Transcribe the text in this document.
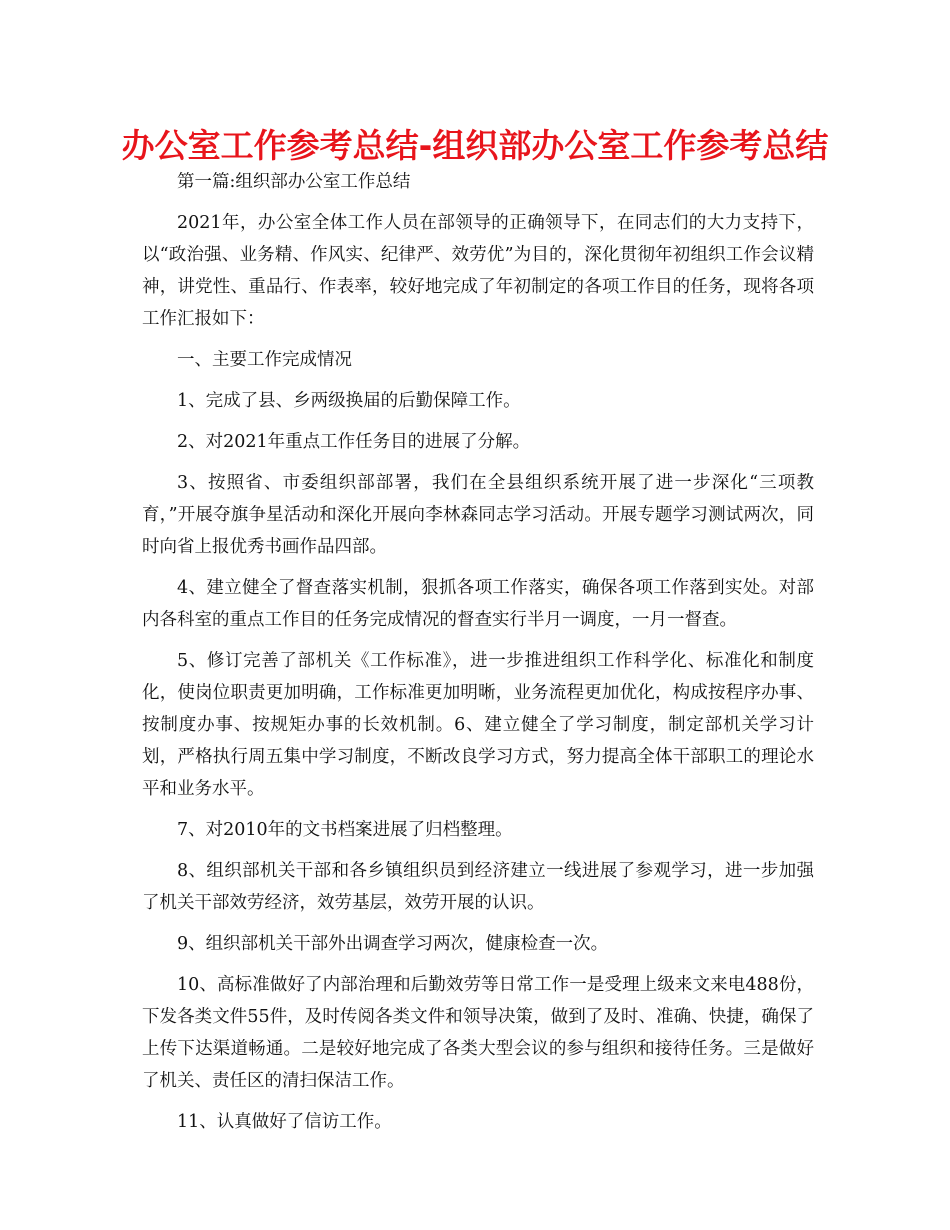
办公室工作参考总结-组织部办公室工作参考总结

第一篇:组织部办公室工作总结

2021年，办公室全体工作人员在部领导的正确领导下，在同志们的大力支持下，以“政治强、业务精、作风实、纪律严、效劳优”为目的，深化贯彻年初组织工作会议精神，讲党性、重品行、作表率，较好地完成了年初制定的各项工作目的任务，现将各项工作汇报如下：

一、主要工作完成情况

1、完成了县、乡两级换届的后勤保障工作。

2、对2021年重点工作任务目的进展了分解。

3、按照省、市委组织部部署，我们在全县组织系统开展了进一步深化“三项教育，”开展夺旗争星活动和深化开展向李林森同志学习活动。开展专题学习测试两次，同时向省上报优秀书画作品四部。

4、建立健全了督查落实机制，狠抓各项工作落实，确保各项工作落到实处。对部内各科室的重点工作目的任务完成情况的督查实行半月一调度，一月一督查。

5、修订完善了部机关《工作标准》，进一步推进组织工作科学化、标准化和制度化，使岗位职责更加明确，工作标准更加明晰，业务流程更加优化，构成按程序办事、按制度办事、按规矩办事的长效机制。6、建立健全了学习制度，制定部机关学习计划，严格执行周五集中学习制度，不断改良学习方式，努力提高全体干部职工的理论水平和业务水平。

7、对2010年的文书档案进展了归档整理。

8、组织部机关干部和各乡镇组织员到经济建立一线进展了参观学习，进一步加强了机关干部效劳经济，效劳基层，效劳开展的认识。

9、组织部机关干部外出调查学习两次，健康检查一次。

10、高标准做好了内部治理和后勤效劳等日常工作一是受理上级来文来电488份，下发各类文件55件，及时传阅各类文件和领导决策，做到了及时、准确、快捷，确保了上传下达渠道畅通。二是较好地完成了各类大型会议的参与组织和接待任务。三是做好了机关、责任区的清扫保洁工作。

11、认真做好了信访工作。
